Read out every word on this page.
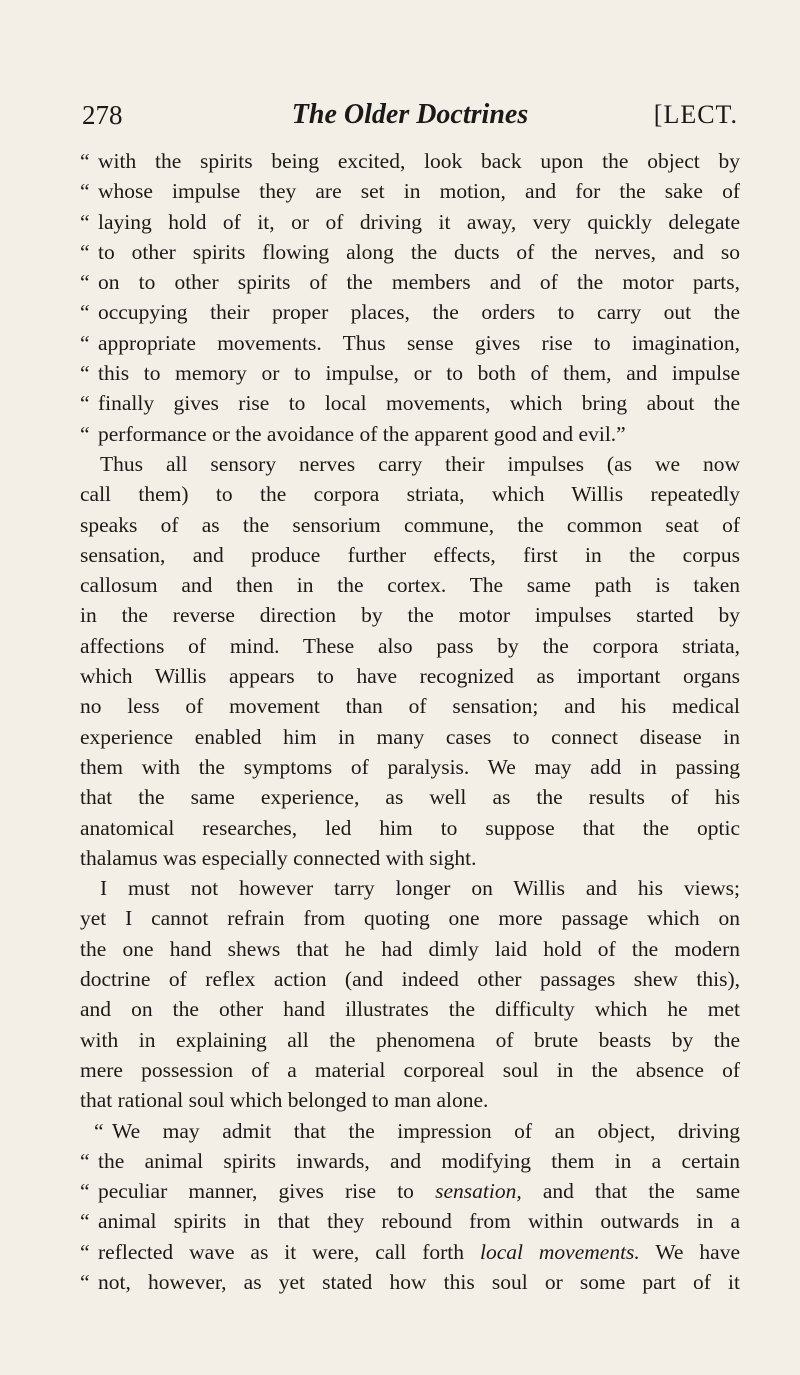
278	The Older Doctrines	[LECT.
“ with the spirits being excited, look back upon the object by
“ whose impulse they are set in motion, and for the sake of
“ laying hold of it, or of driving it away, very quickly delegate
“ to other spirits flowing along the ducts of the nerves, and so
“ on to other spirits of the members and of the motor parts,
“ occupying their proper places, the orders to carry out the
“ appropriate movements. Thus sense gives rise to imagination,
“ this to memory or to impulse, or to both of them, and impulse
“ finally gives rise to local movements, which bring about the
“ performance or the avoidance of the apparent good and evil.”
Thus all sensory nerves carry their impulses (as we now
call them) to the corpora striata, which Willis repeatedly
speaks of as the sensorium commune, the common seat of
sensation, and produce further effects, first in the corpus
callosum and then in the cortex. The same path is taken
in the reverse direction by the motor impulses started by
affections of mind. These also pass by the corpora striata,
which Willis appears to have recognized as important organs
no less of movement than of sensation; and his medical
experience enabled him in many cases to connect disease in
them with the symptoms of paralysis. We may add in passing
that the same experience, as well as the results of his
anatomical researches, led him to suppose that the optic
thalamus was especially connected with sight.
I must not however tarry longer on Willis and his views;
yet I cannot refrain from quoting one more passage which on
the one hand shews that he had dimly laid hold of the modern
doctrine of reflex action (and indeed other passages shew this),
and on the other hand illustrates the difficulty which he met
with in explaining all the phenomena of brute beasts by the
mere possession of a material corporeal soul in the absence of
that rational soul which belonged to man alone.
“ We may admit that the impression of an object, driving
“ the animal spirits inwards, and modifying them in a certain
“ peculiar manner, gives rise to sensation, and that the same
“ animal spirits in that they rebound from within outwards in a
“ reflected wave as it were, call forth local movements. We have
“ not, however, as yet stated how this soul or some part of it
